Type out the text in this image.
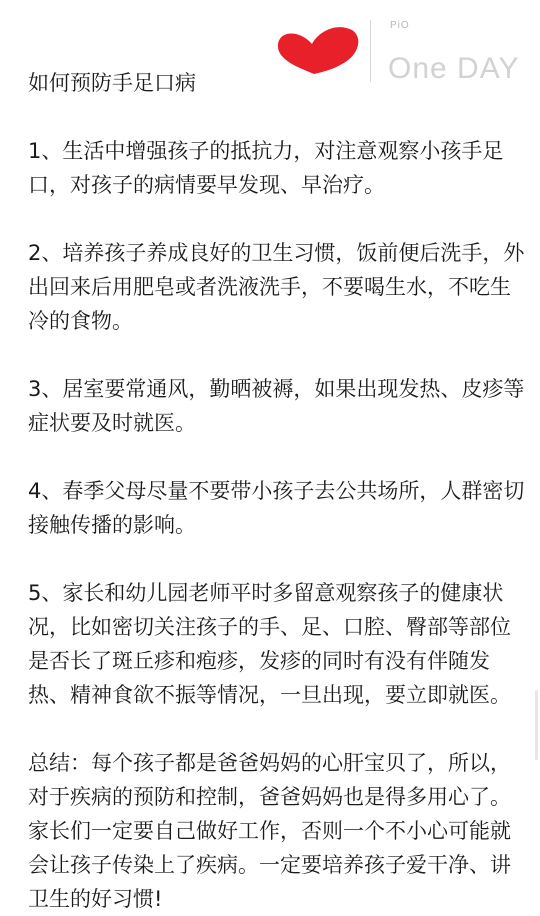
PiO
One DAY

如何预防手足口病

1、生活中增强孩子的抵抗力，对注意观察小孩手足口，对孩子的病情要早发现、早治疗。

2、培养孩子养成良好的卫生习惯，饭前便后洗手，外出回来后用肥皂或者洗液洗手，不要喝生水，不吃生冷的食物。

3、居室要常通风，勤晒被褥，如果出现发热、皮疹等症状要及时就医。

4、春季父母尽量不要带小孩子去公共场所，人群密切接触传播的影响。

5、家长和幼儿园老师平时多留意观察孩子的健康状况，比如密切关注孩子的手、足、口腔、臀部等部位是否长了斑丘疹和疱疹，发疹的同时有没有伴随发热、精神食欲不振等情况，一旦出现，要立即就医。

总结：每个孩子都是爸爸妈妈的心肝宝贝了，所以，对于疾病的预防和控制，爸爸妈妈也是得多用心了。家长们一定要自己做好工作，否则一个不小心可能就会让孩子传染上了疾病。一定要培养孩子爱干净、讲卫生的好习惯!
